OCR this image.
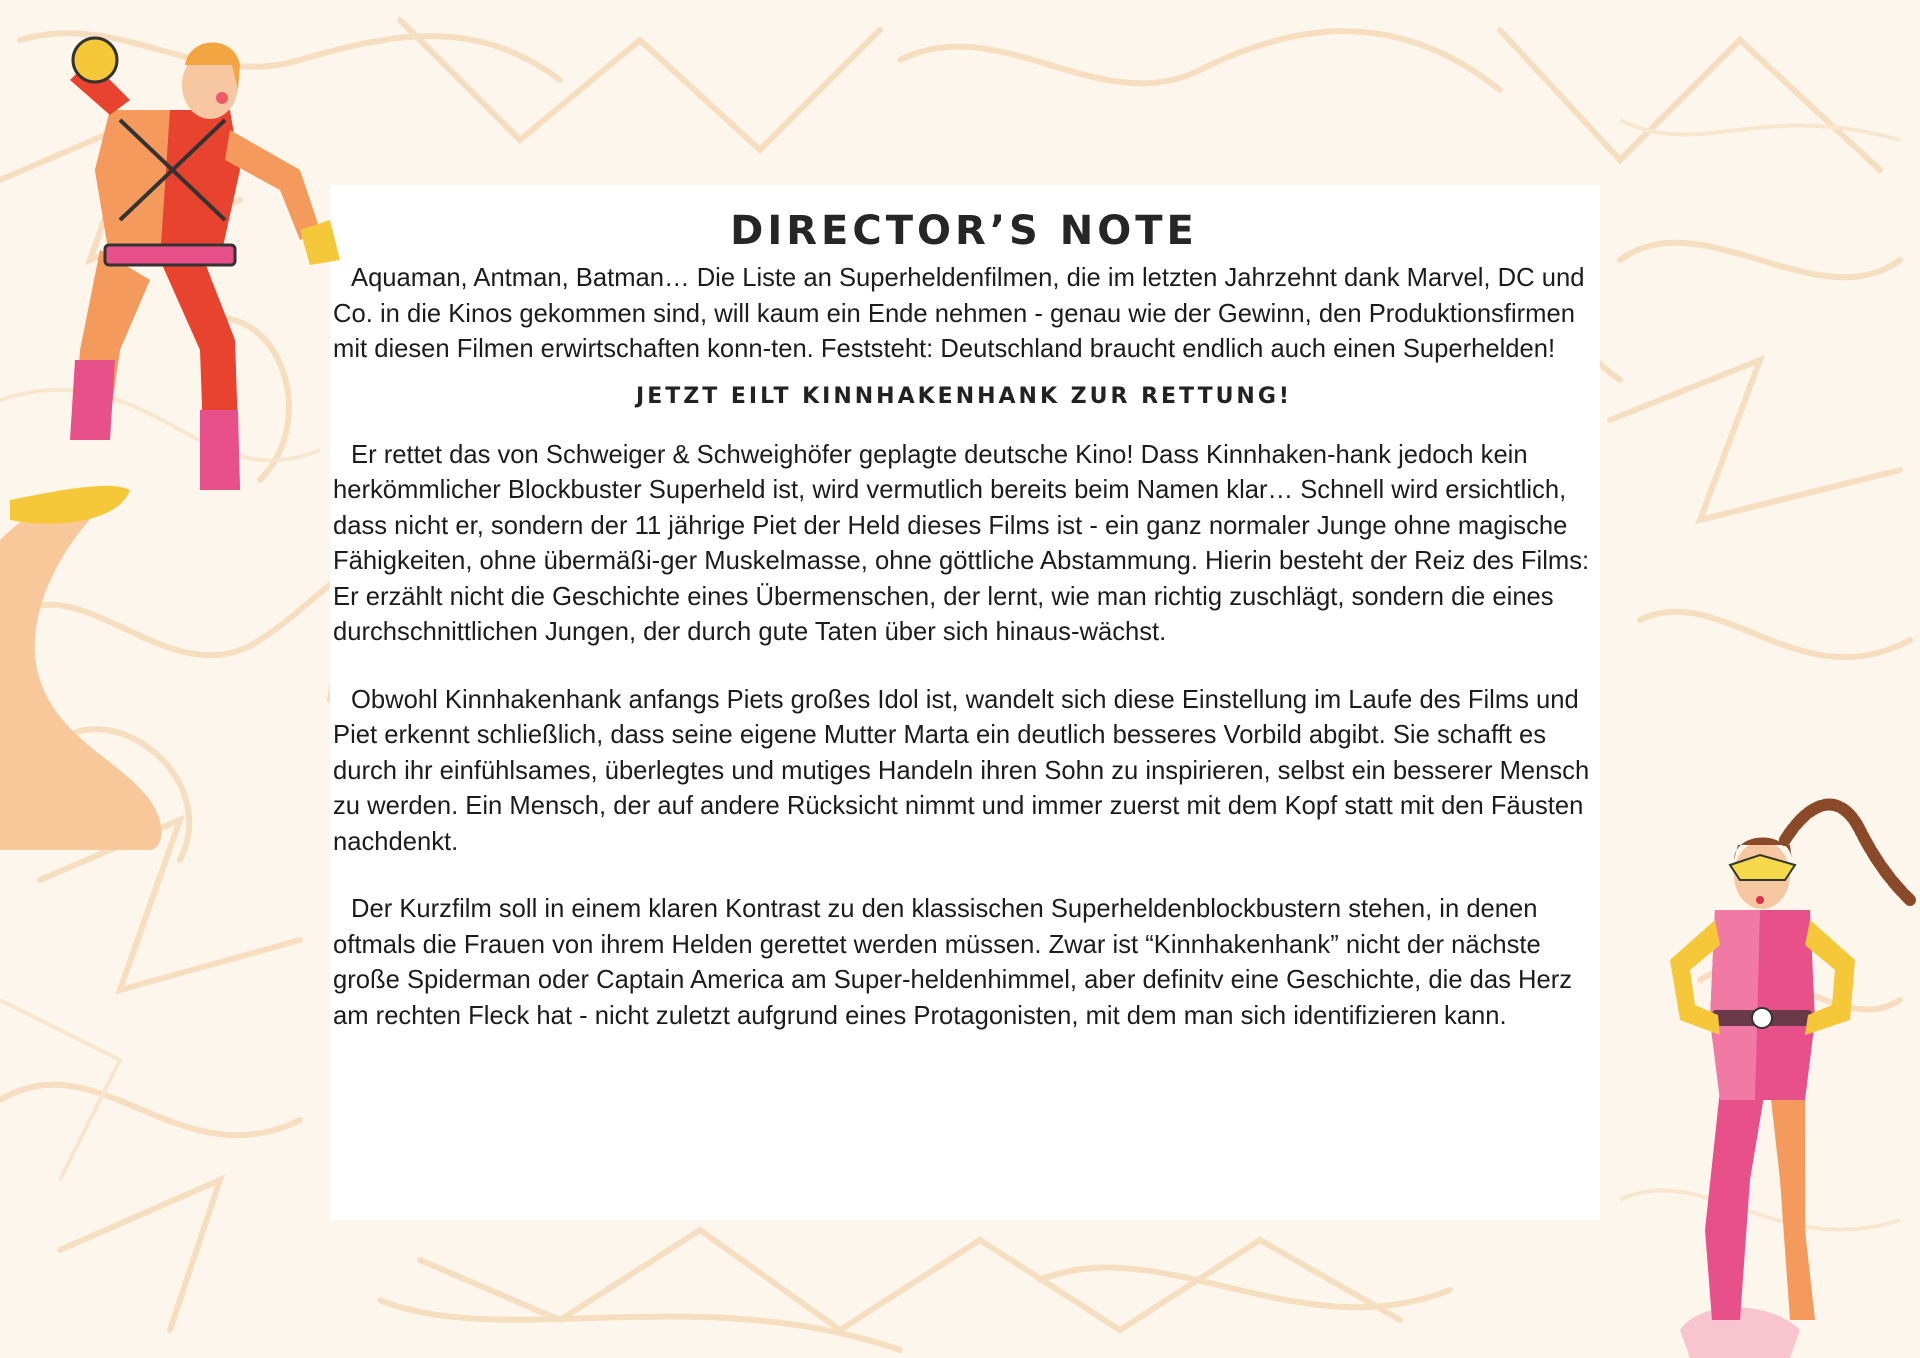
DIRECTOR’S NOTE

Aquaman, Antman, Batman… Die Liste an Superheldenfilmen, die im letzten Jahrzehnt dank Marvel, DC und Co. in die Kinos gekommen sind, will kaum ein Ende nehmen - genau wie der Gewinn, den Produktionsfirmen mit diesen Filmen erwirtschaften konn-ten. Feststeht: Deutschland braucht endlich auch einen Superhelden!

JETZT EILT KINNHAKENHANK ZUR RETTUNG!

Er rettet das von Schweiger & Schweighöfer geplagte deutsche Kino! Dass Kinnhaken-hank jedoch kein herkömmlicher Blockbuster Superheld ist, wird vermutlich bereits beim Namen klar… Schnell wird ersichtlich, dass nicht er, sondern der 11 jährige Piet der Held dieses Films ist - ein ganz normaler Junge ohne magische Fähigkeiten, ohne übermäßi-ger Muskelmasse, ohne göttliche Abstammung. Hierin besteht der Reiz des Films: Er erzählt nicht die Geschichte eines Übermenschen, der lernt, wie man richtig zuschlägt, sondern die eines durchschnittlichen Jungen, der durch gute Taten über sich hinaus-wächst.

Obwohl Kinnhakenhank anfangs Piets großes Idol ist, wandelt sich diese Einstellung im Laufe des Films und Piet erkennt schließlich, dass seine eigene Mutter Marta ein deutlich besseres Vorbild abgibt. Sie schafft es durch ihr einfühlsames, überlegtes und mutiges Handeln ihren Sohn zu inspirieren, selbst ein besserer Mensch zu werden. Ein Mensch, der auf andere Rücksicht nimmt und immer zuerst mit dem Kopf statt mit den Fäusten nachdenkt.

Der Kurzfilm soll in einem klaren Kontrast zu den klassischen Superheldenblockbustern stehen, in denen oftmals die Frauen von ihrem Helden gerettet werden müssen. Zwar ist “Kinnhakenhank” nicht der nächste große Spiderman oder Captain America am Super-heldenhimmel, aber definitv eine Geschichte, die das Herz am rechten Fleck hat - nicht zuletzt aufgrund eines Protagonisten, mit dem man sich identifizieren kann.
